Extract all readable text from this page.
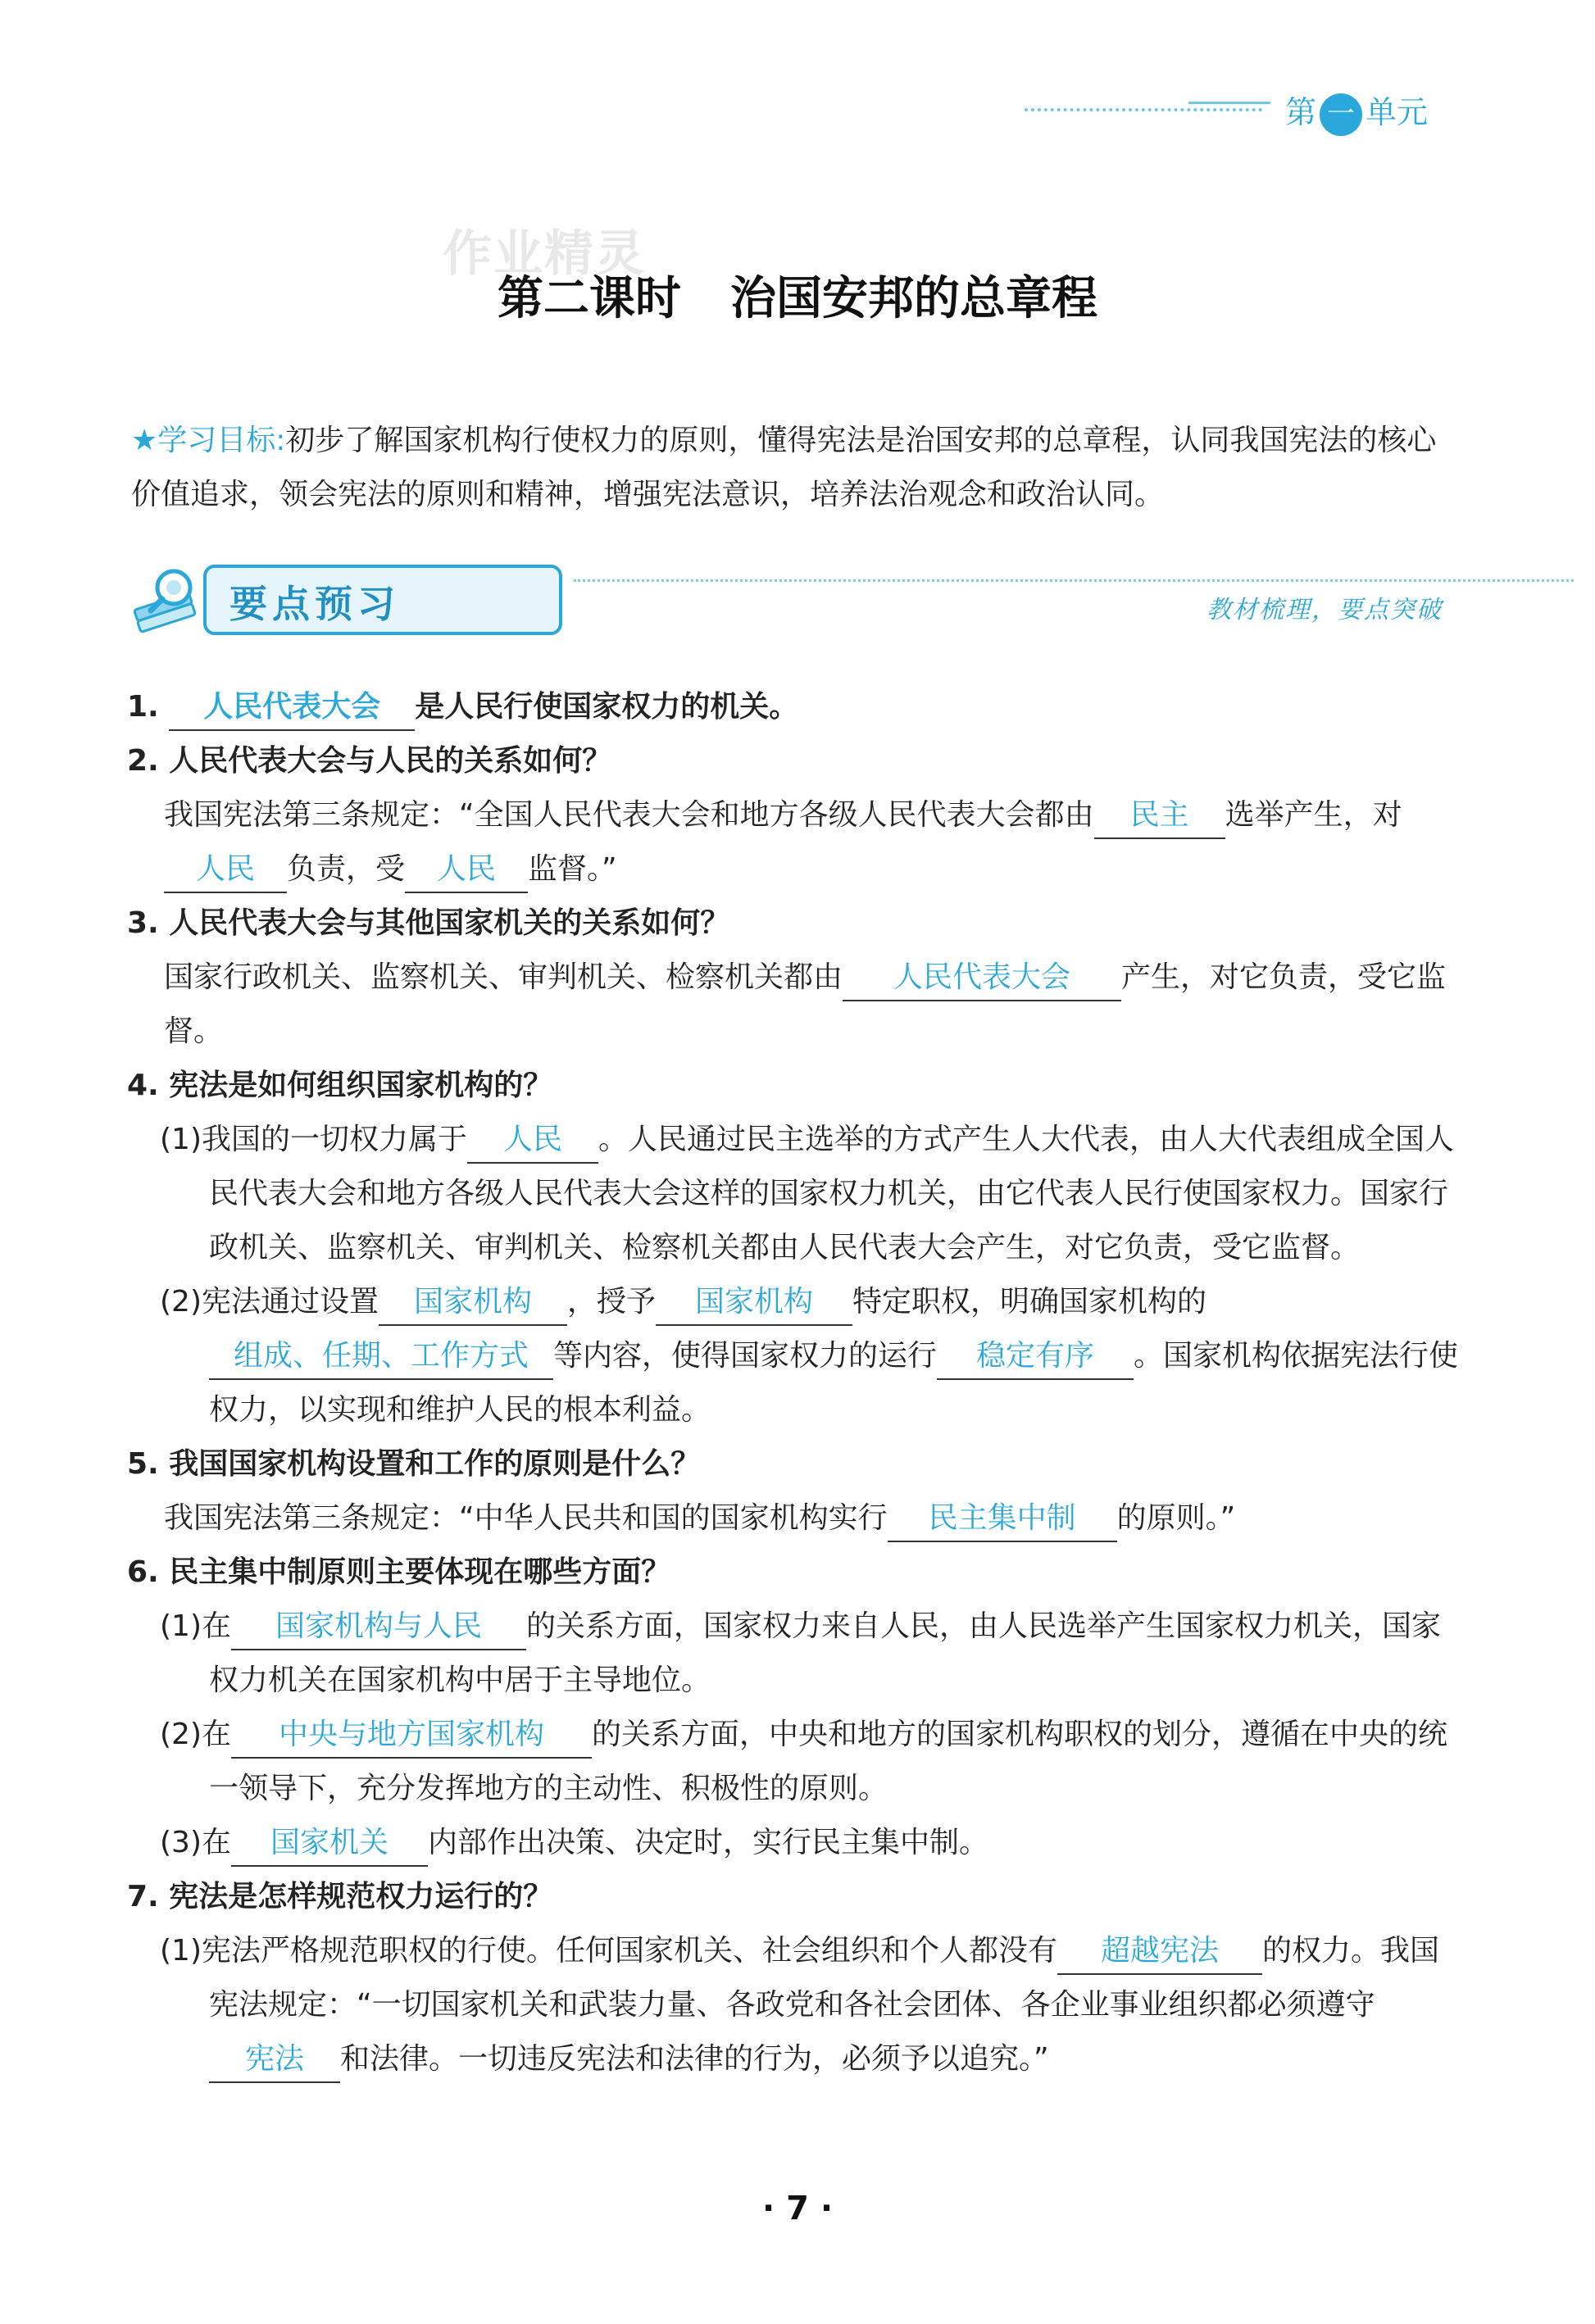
第 一 单元
作业精灵
第二课时 治国安邦的总章程
★学习目标:初步了解国家机构行使权力的原则，懂得宪法是治国安邦的总章程，认同我国宪法的核心价值追求，领会宪法的原则和精神，增强宪法意识，培养法治观念和政治认同。
要点预习	教材梳理，要点突破
1. 人民代表大会 是人民行使国家权力的机关。
2. 人民代表大会与人民的关系如何？
我国宪法第三条规定：“全国人民代表大会和地方各级人民代表大会都由 民主 选举产生，对人民 负责，受 人民 监督。”
3. 人民代表大会与其他国家机关的关系如何？
国家行政机关、监察机关、审判机关、检察机关都由 人民代表大会 产生，对它负责，受它监督。
4. 宪法是如何组织国家机构的？
(1)我国的一切权力属于 人民 。人民通过民主选举的方式产生人大代表，由人大代表组成全国人民代表大会和地方各级人民代表大会这样的国家权力机关，由它代表人民行使国家权力。国家行政机关、监察机关、审判机关、检察机关都由人民代表大会产生，对它负责，受它监督。
(2)宪法通过设置 国家机构 ，授予 国家机构 特定职权，明确国家机构的组成、任期、工作方式 等内容，使得国家权力的运行 稳定有序 。国家机构依据宪法行使权力，以实现和维护人民的根本利益。
5. 我国国家机构设置和工作的原则是什么？
我国宪法第三条规定：“中华人民共和国的国家机构实行 民主集中制 的原则。”
6. 民主集中制原则主要体现在哪些方面？
(1)在 国家机构与人民 的关系方面，国家权力来自人民，由人民选举产生国家权力机关，国家权力机关在国家机构中居于主导地位。
(2)在 中央与地方国家机构 的关系方面，中央和地方的国家机构职权的划分，遵循在中央的统一领导下，充分发挥地方的主动性、积极性的原则。
(3)在 国家机关 内部作出决策、决定时，实行民主集中制。
7. 宪法是怎样规范权力运行的？
(1)宪法严格规范职权的行使。任何国家机关、社会组织和个人都没有 超越宪法 的权力。我国宪法规定：“一切国家机关和武装力量、各政党和各社会团体、各企业事业组织都必须遵守宪法 和法律。一切违反宪法和法律的行为，必须予以追究。”
· 7 ·
